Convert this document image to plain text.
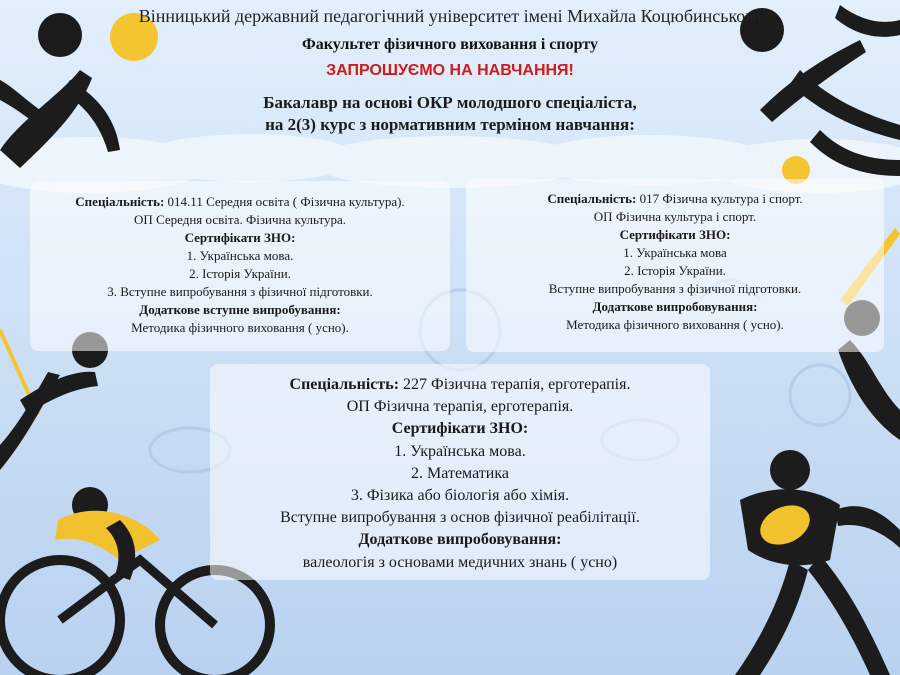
Вінницький державний педагогічний університет імені Михайла Коцюбинського
Факультет фізичного виховання і спорту
ЗАПРОШУЄМО НА НАВЧАННЯ!
Бакалавр на основі ОКР молодшого спеціаліста,
на 2(3) курс з нормативним терміном навчання:
Спеціальність: 014.11 Середня освіта ( Фізична культура).
ОП Середня освіта. Фізична культура.
Сертифікати ЗНО:
1. Українська мова.
2. Історія України.
3. Вступне випробування з фізичної підготовки.
Додаткове вступне випробування:
Методика фізичного виховання ( усно).
Спеціальність: 017 Фізична культура і спорт.
ОП Фізична культура і спорт.
Сертифікати ЗНО:
1. Українська мова
2. Історія України.
Вступне випробування з фізичної підготовки.
Додаткове випробовування:
Методика фізичного виховання ( усно).
Спеціальність: 227 Фізична терапія, ерготерапія.
ОП Фізична терапія, ерготерапія.
Сертифікати ЗНО:
1. Українська мова.
2. Математика
3. Фізика або біологія або хімія.
Вступне випробування з основ фізичної реабілітації.
Додаткове випробовування:
валеологія з основами медичних знань ( усно)
